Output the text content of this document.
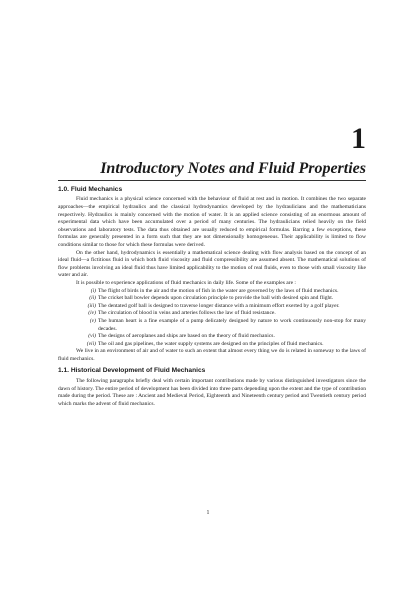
1
Introductory Notes and Fluid Properties
1.0. Fluid Mechanics

Fluid mechanics is a physical science concerned with the behaviour of fluid at rest and in motion. It combines the two separate approaches—the empirical hydraulics and the classical hydrodynamics developed by the hydraulicians and the mathematicians respectively. Hydraulics is mainly concerned with the motion of water. It is an applied science consisting of an enormous amount of experimental data which have been accumulated over a period of many centuries. The hydraulicians relied heavily on the field observations and laboratory tests. The data thus obtained are usually reduced to empirical formulas. Barring a few exceptions, these formulas are generally presented in a form such that they are not dimensionally homogeneous. Their applicability is limited to flow conditions similar to those for which these formulas were derived.

On the other hand, hydrodynamics is essentially a mathematical science dealing with flow analysis based on the concept of an ideal fluid—a fictitious fluid in which both fluid viscosity and fluid compressibility are assumed absent. The mathematical solutions of flow problems involving an ideal fluid thus have limited applicability to the motion of real fluids, even to those with small viscosity like water and air.

It is possible to experience applications of fluid mechanics in daily life. Some of the examples are :

(i) The flight of birds in the air and the motion of fish in the water are governed by the laws of fluid mechanics.
(ii) The cricket ball bowler depends upon circulation principle to provide the ball with desired spin and flight.
(iii) The dentated golf ball is designed to traverse longer distance with a minimum effort exerted by a golf player.
(iv) The circulation of blood in veins and arteries follows the law of fluid resistance.
(v) The human heart is a fine example of a pump delicately designed by nature to work continuously non-stop for many decades.
(vi) The designs of aeroplanes and ships are based on the theory of fluid mechanics.
(vii) The oil and gas pipelines, the water supply systems are designed on the principles of fluid mechanics.

We live in an environment of air and of water to such an extent that almost every thing we do is related in someway to the laws of fluid mechanics.

1.1. Historical Development of Fluid Mechanics

The following paragraphs briefly deal with certain important contributions made by various distinguished investigators since the dawn of history. The entire period of development has been divided into three parts depending upon the extent and the type of contribution made during the period. These are : Ancient and Medieval Period, Eighteenth and Nineteenth century period and Twentieth century period which marks the advent of fluid mechanics.

1
